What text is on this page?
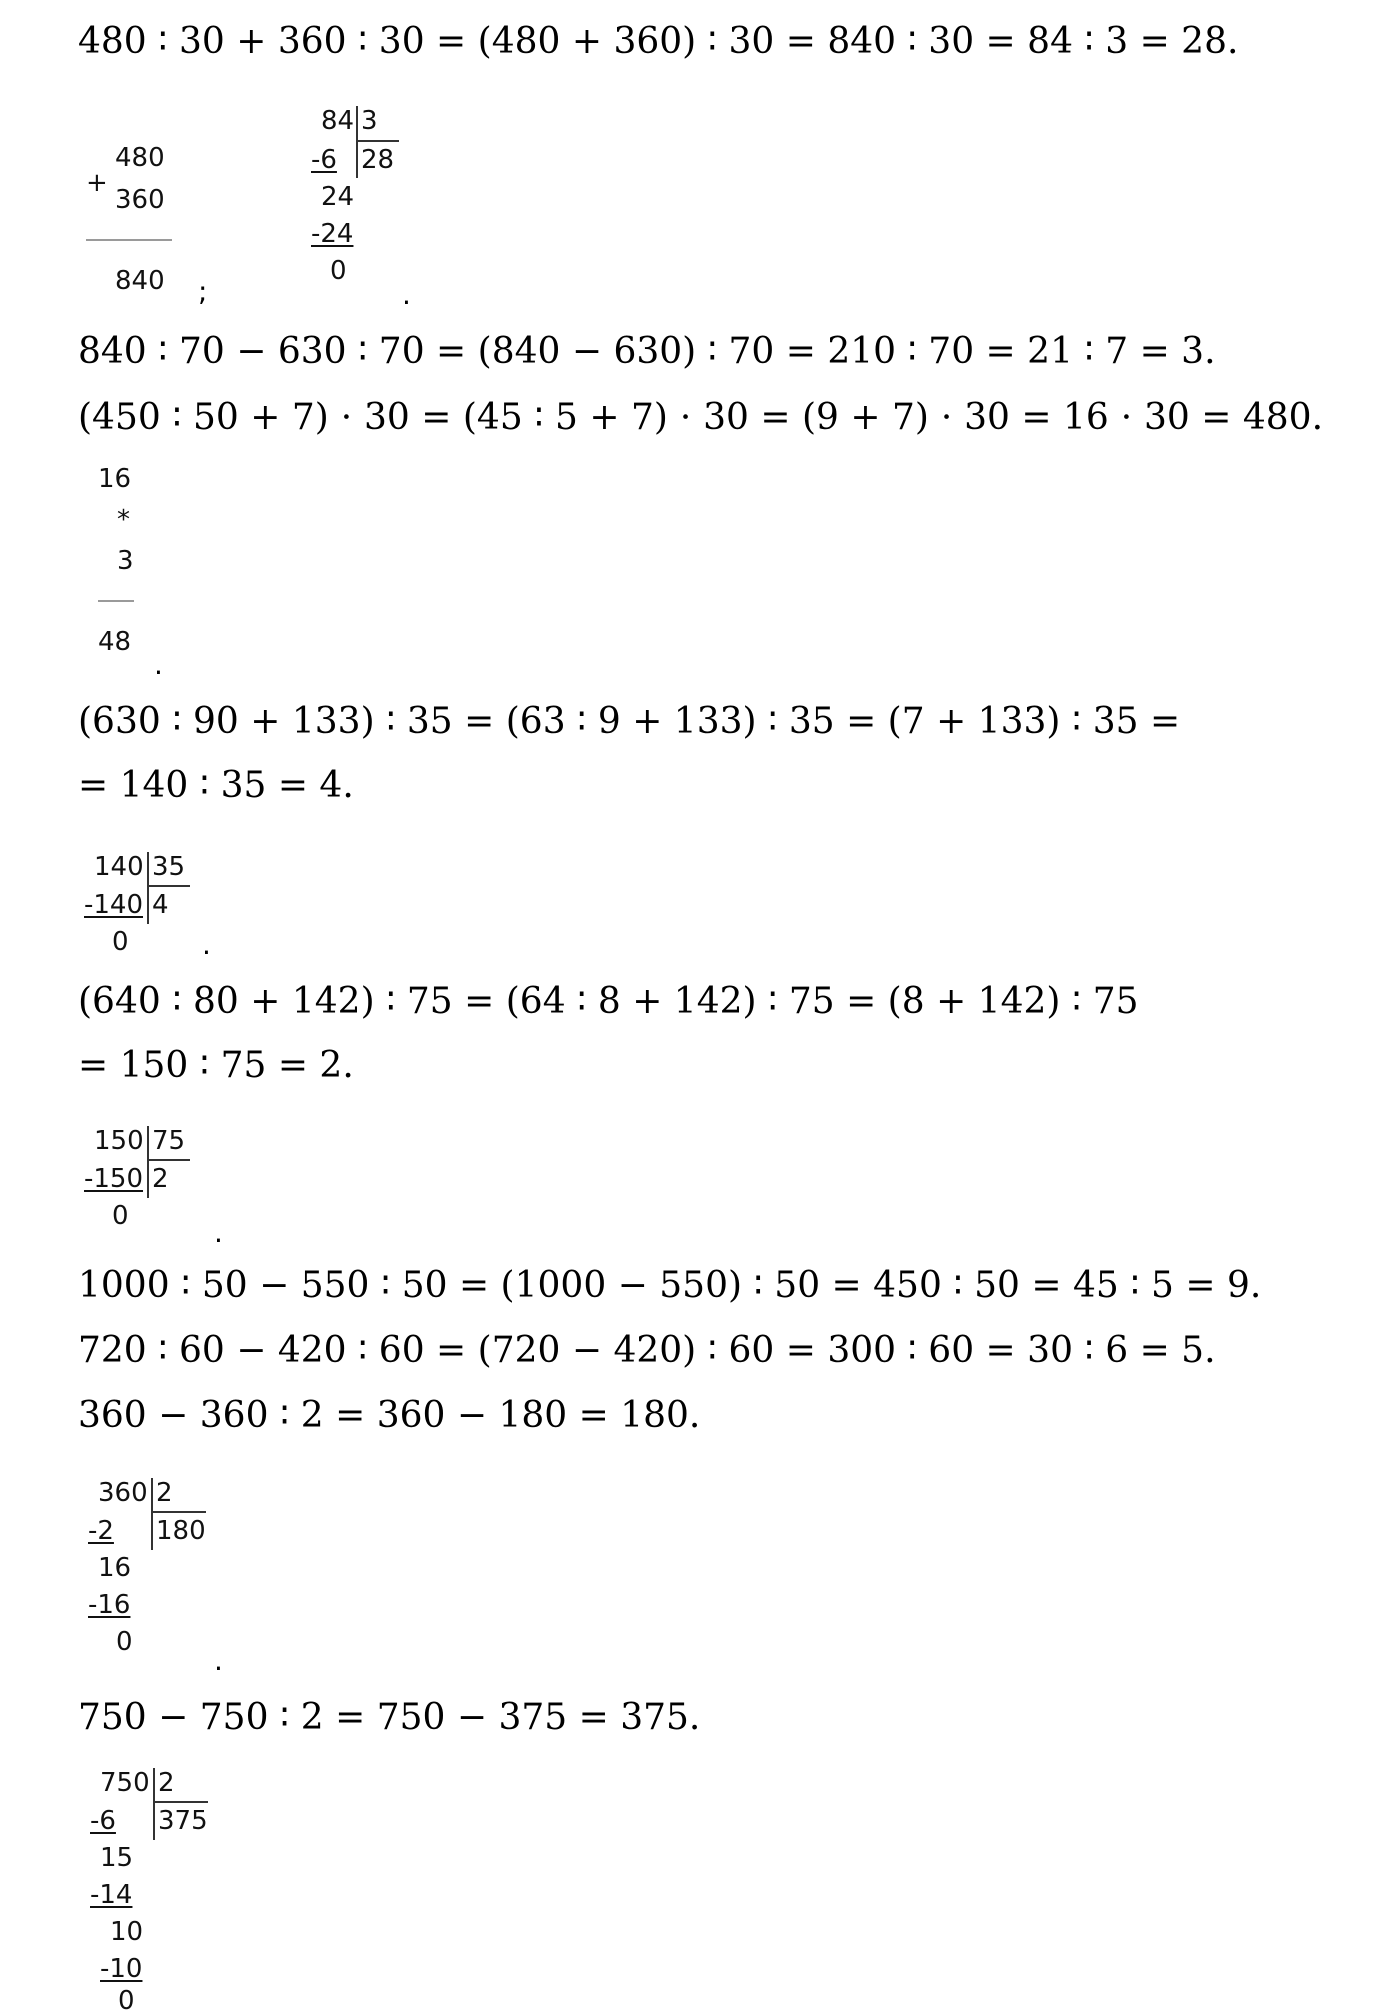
480 ∶ 30 + 360 ∶ 30 = (480 + 360) ∶ 30 = 840 ∶ 30 = 84 ∶ 3 = 28.
+
480
360
840 ;
84 3
-6 28
24
-24
0
.
840 ∶ 70 − 630 ∶ 70 = (840 − 630) ∶ 70 = 210 ∶ 70 = 21 ∶ 7 = 3.
(450 ∶ 50 + 7) ⋅ 30 = (45 ∶ 5 + 7) ⋅ 30 = (9 + 7) ⋅ 30 = 16 ⋅ 30 = 480.
16
*
3
48
.
(630 ∶ 90 + 133) ∶ 35 = (63 ∶ 9 + 133) ∶ 35 = (7 + 133) ∶ 35 =
= 140 ∶ 35 = 4.
140 35
-140 4
0	.
(640 ∶ 80 + 142) ∶ 75 = (64 ∶ 8 + 142) ∶ 75 = (8 + 142) ∶ 75
= 150 ∶ 75 = 2.
150 75
-150 2
0	.
1000 ∶ 50 − 550 ∶ 50 = (1000 − 550) ∶ 50 = 450 ∶ 50 = 45 ∶ 5 = 9.
720 ∶ 60 − 420 ∶ 60 = (720 − 420) ∶ 60 = 300 ∶ 60 = 30 ∶ 6 = 5.
360 − 360 ∶ 2 = 360 − 180 = 180.
360 2
-2 180
16
-16
0
.
750 − 750 ∶ 2 = 750 − 375 = 375.
750 2
-6 375
15
-14
10
-10
0
